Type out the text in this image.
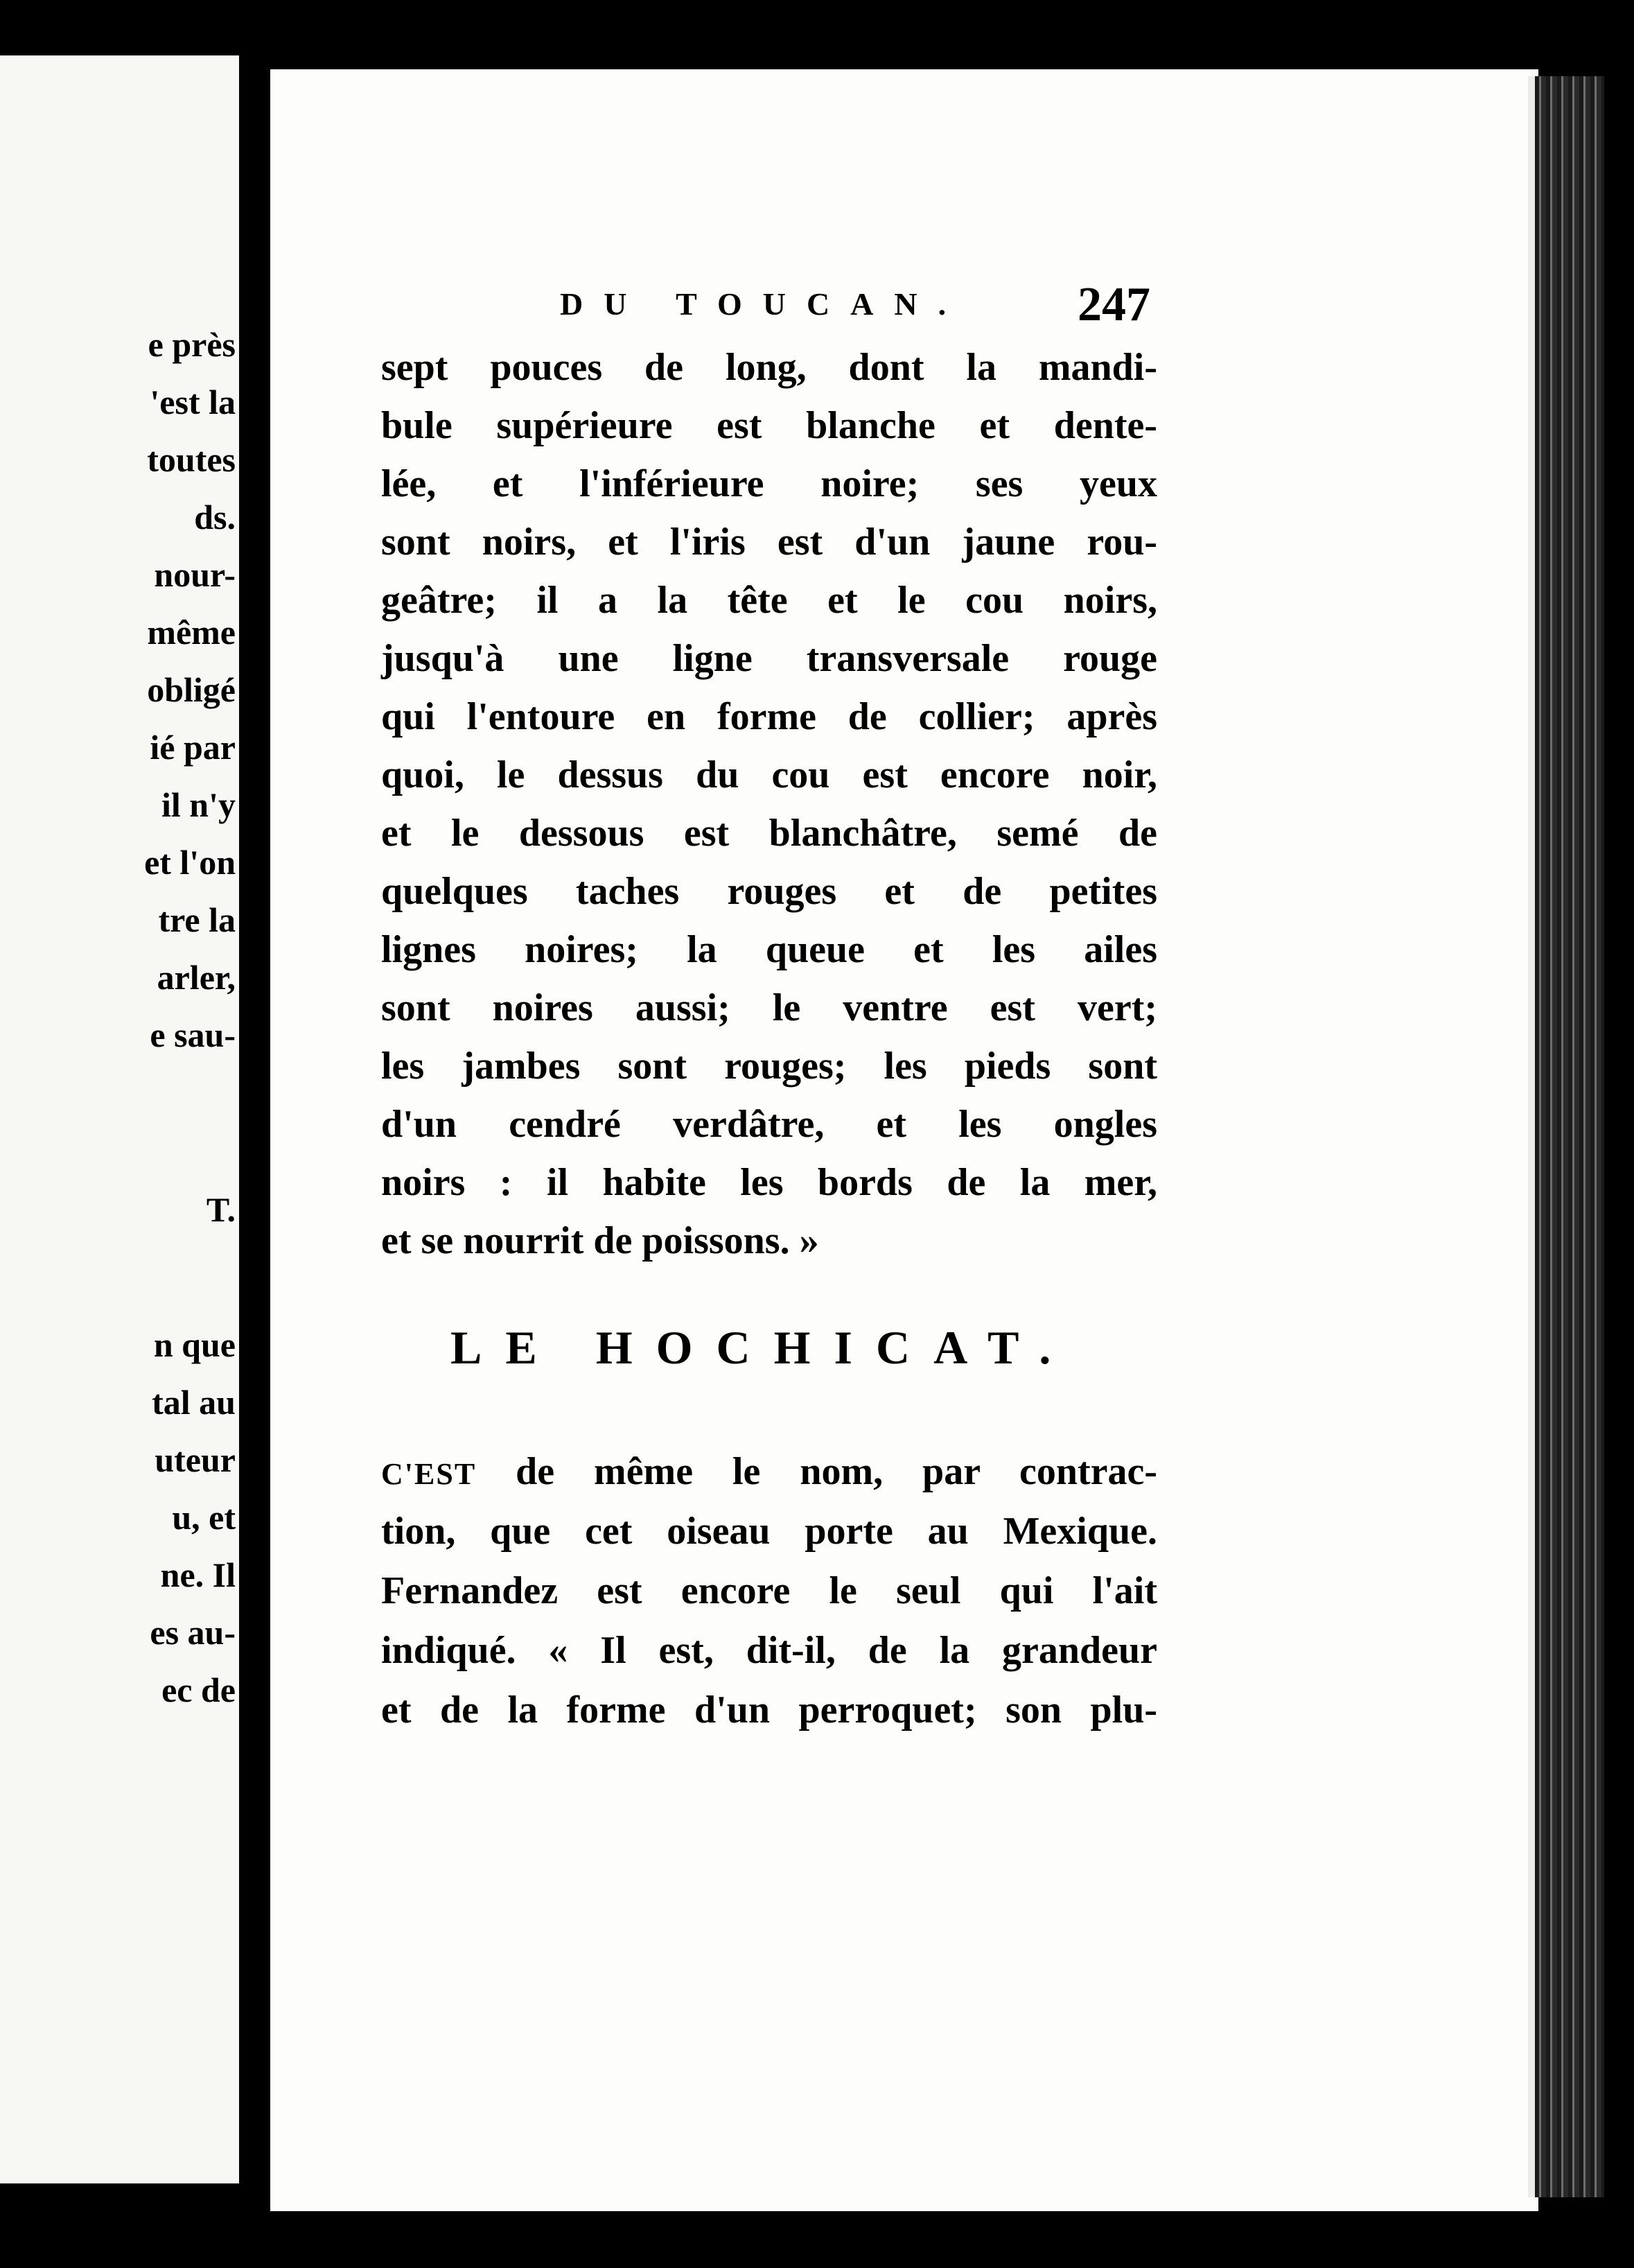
e près
'est la
toutes
ds.
nour-
même
obligé
ié par
il n'y
et l'on
tre la
arler,
e sau-
T.
n que
tal au
uteur
u, et
ne. Il
es au-
ec de
DU TOUCAN. 247
sept pouces de long, dont la mandi-
bule supérieure est blanche et dente-
lée, et l'inférieure noire; ses yeux
sont noirs, et l'iris est d'un jaune rou-
geâtre; il a la tête et le cou noirs,
jusqu'à une ligne transversale rouge
qui l'entoure en forme de collier; après
quoi, le dessus du cou est encore noir,
et le dessous est blanchâtre, semé de
quelques taches rouges et de petites
lignes noires; la queue et les ailes
sont noires aussi; le ventre est vert;
les jambes sont rouges; les pieds sont
d'un cendré verdâtre, et les ongles
noirs : il habite les bords de la mer,
et se nourrit de poissons. »
LE HOCHICAT.
C'EST de même le nom, par contrac-
tion, que cet oiseau porte au Mexique.
Fernandez est encore le seul qui l'ait
indiqué. « Il est, dit-il, de la grandeur
et de la forme d'un perroquet; son plu-
